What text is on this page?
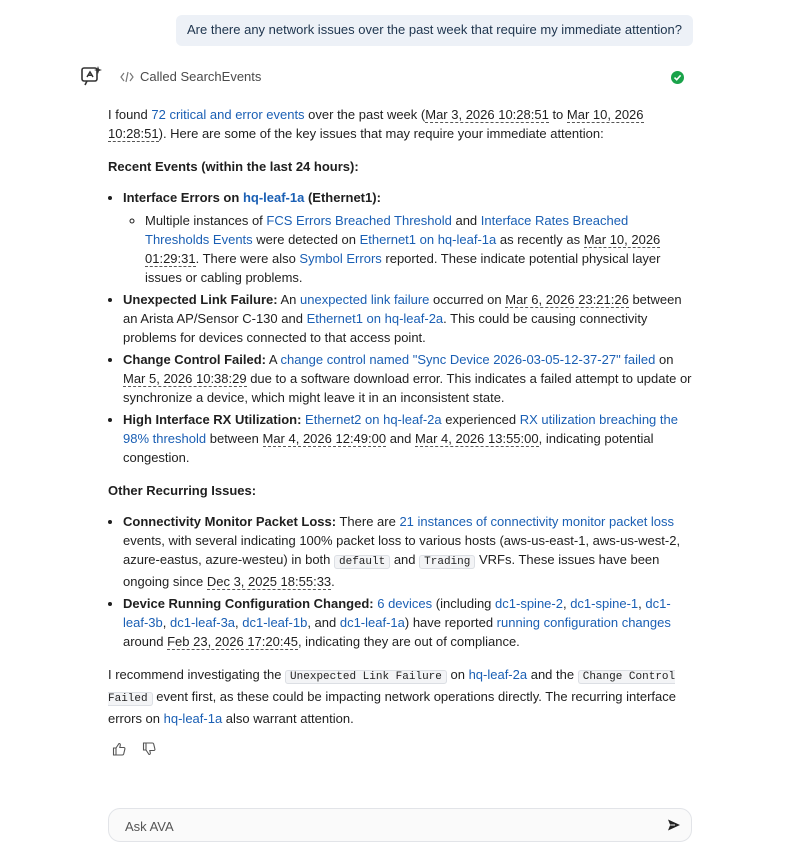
Are there any network issues over the past week that require my immediate attention?
Called SearchEvents

I found 72 critical and error events over the past week (Mar 3, 2026 10:28:51 to Mar 10, 2026 10:28:51). Here are some of the key issues that may require your immediate attention:

Recent Events (within the last 24 hours):
• Interface Errors on hq-leaf-1a (Ethernet1):
◦ Multiple instances of FCS Errors Breached Threshold and Interface Rates Breached Thresholds Events were detected on Ethernet1 on hq-leaf-1a as recently as Mar 10, 2026 01:29:31. There were also Symbol Errors reported. These indicate potential physical layer issues or cabling problems.
• Unexpected Link Failure: An unexpected link failure occurred on Mar 6, 2026 23:21:26 between an Arista AP/Sensor C-130 and Ethernet1 on hq-leaf-2a. This could be causing connectivity problems for devices connected to that access point.
• Change Control Failed: A change control named "Sync Device 2026-03-05-12-37-27" failed on Mar 5, 2026 10:38:29 due to a software download error. This indicates a failed attempt to update or synchronize a device, which might leave it in an inconsistent state.
• High Interface RX Utilization: Ethernet2 on hq-leaf-2a experienced RX utilization breaching the 98% threshold between Mar 4, 2026 12:49:00 and Mar 4, 2026 13:55:00, indicating potential congestion.
Other Recurring Issues:
• Connectivity Monitor Packet Loss: There are 21 instances of connectivity monitor packet loss events, with several indicating 100% packet loss to various hosts (aws-us-east-1, aws-us-west-2, azure-eastus, azure-westeu) in both default and Trading VRFs. These issues have been ongoing since Dec 3, 2025 18:55:33.
• Device Running Configuration Changed: 6 devices (including dc1-spine-2, dc1-spine-1, dc1-leaf-3b, dc1-leaf-3a, dc1-leaf-1b, and dc1-leaf-1a) have reported running configuration changes around Feb 23, 2026 17:20:45, indicating they are out of compliance.

I recommend investigating the Unexpected Link Failure on hq-leaf-2a and the Change Control Failed event first, as these could be impacting network operations directly. The recurring interface errors on hq-leaf-1a also warrant attention.

Ask AVA
